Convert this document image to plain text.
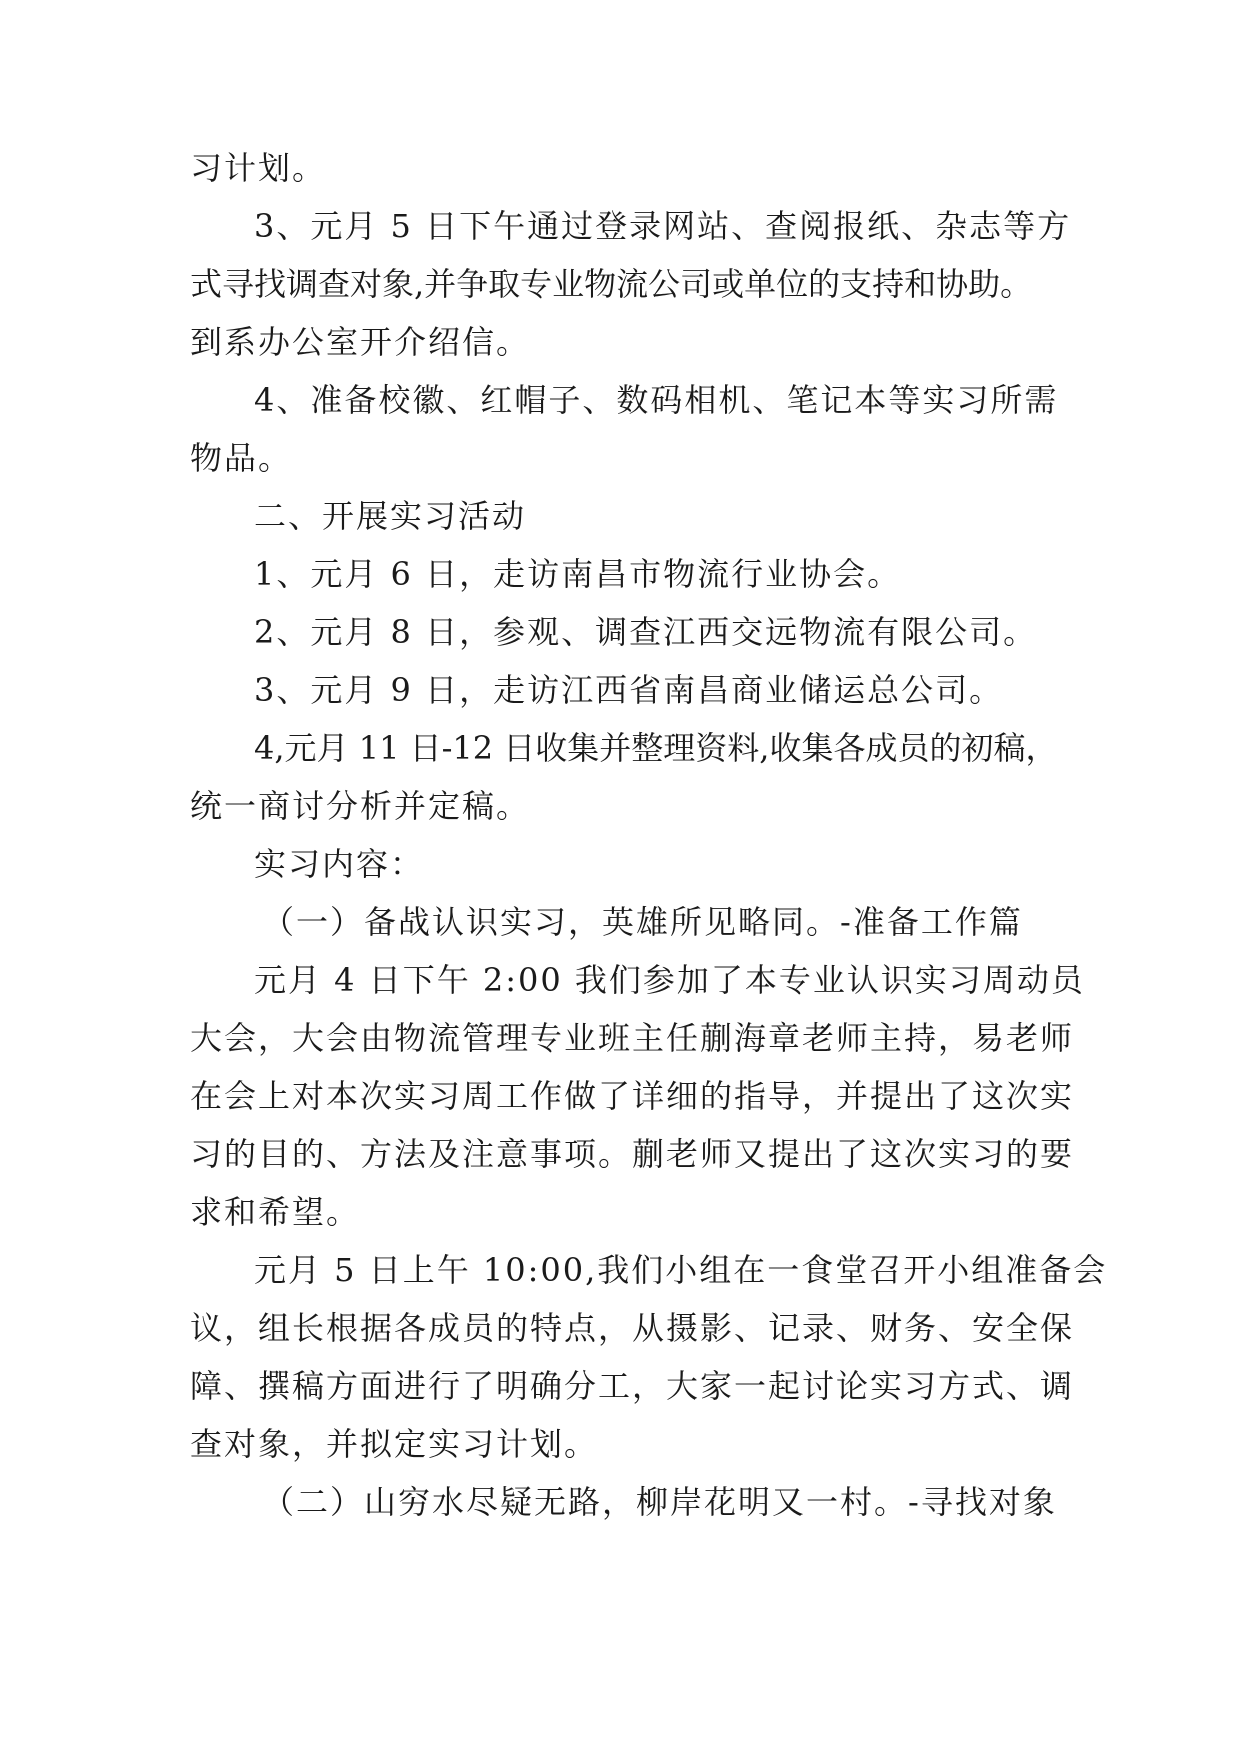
习计划。
3、元月 5 日下午通过登录网站、查阅报纸、杂志等方
式寻找调查对象,并争取专业物流公司或单位的支持和协助。
到系办公室开介绍信。
4、准备校徽、红帽子、数码相机、笔记本等实习所需
物品。
二、开展实习活动
1、元月 6 日，走访南昌市物流行业协会。
2、元月 8 日，参观、调查江西交远物流有限公司。
3、元月 9 日，走访江西省南昌商业储运总公司。
4,元月 11 日-12 日收集并整理资料,收集各成员的初稿，
统一商讨分析并定稿。
实习内容：
（一）备战认识实习，英雄所见略同。-准备工作篇
元月 4 日下午 2:00 我们参加了本专业认识实习周动员
大会，大会由物流管理专业班主任蒯海章老师主持，易老师
在会上对本次实习周工作做了详细的指导，并提出了这次实
习的目的、方法及注意事项。蒯老师又提出了这次实习的要
求和希望。
元月 5 日上午 10:00,我们小组在一食堂召开小组准备会
议，组长根据各成员的特点，从摄影、记录、财务、安全保
障、撰稿方面进行了明确分工，大家一起讨论实习方式、调
查对象，并拟定实习计划。
（二）山穷水尽疑无路，柳岸花明又一村。-寻找对象
